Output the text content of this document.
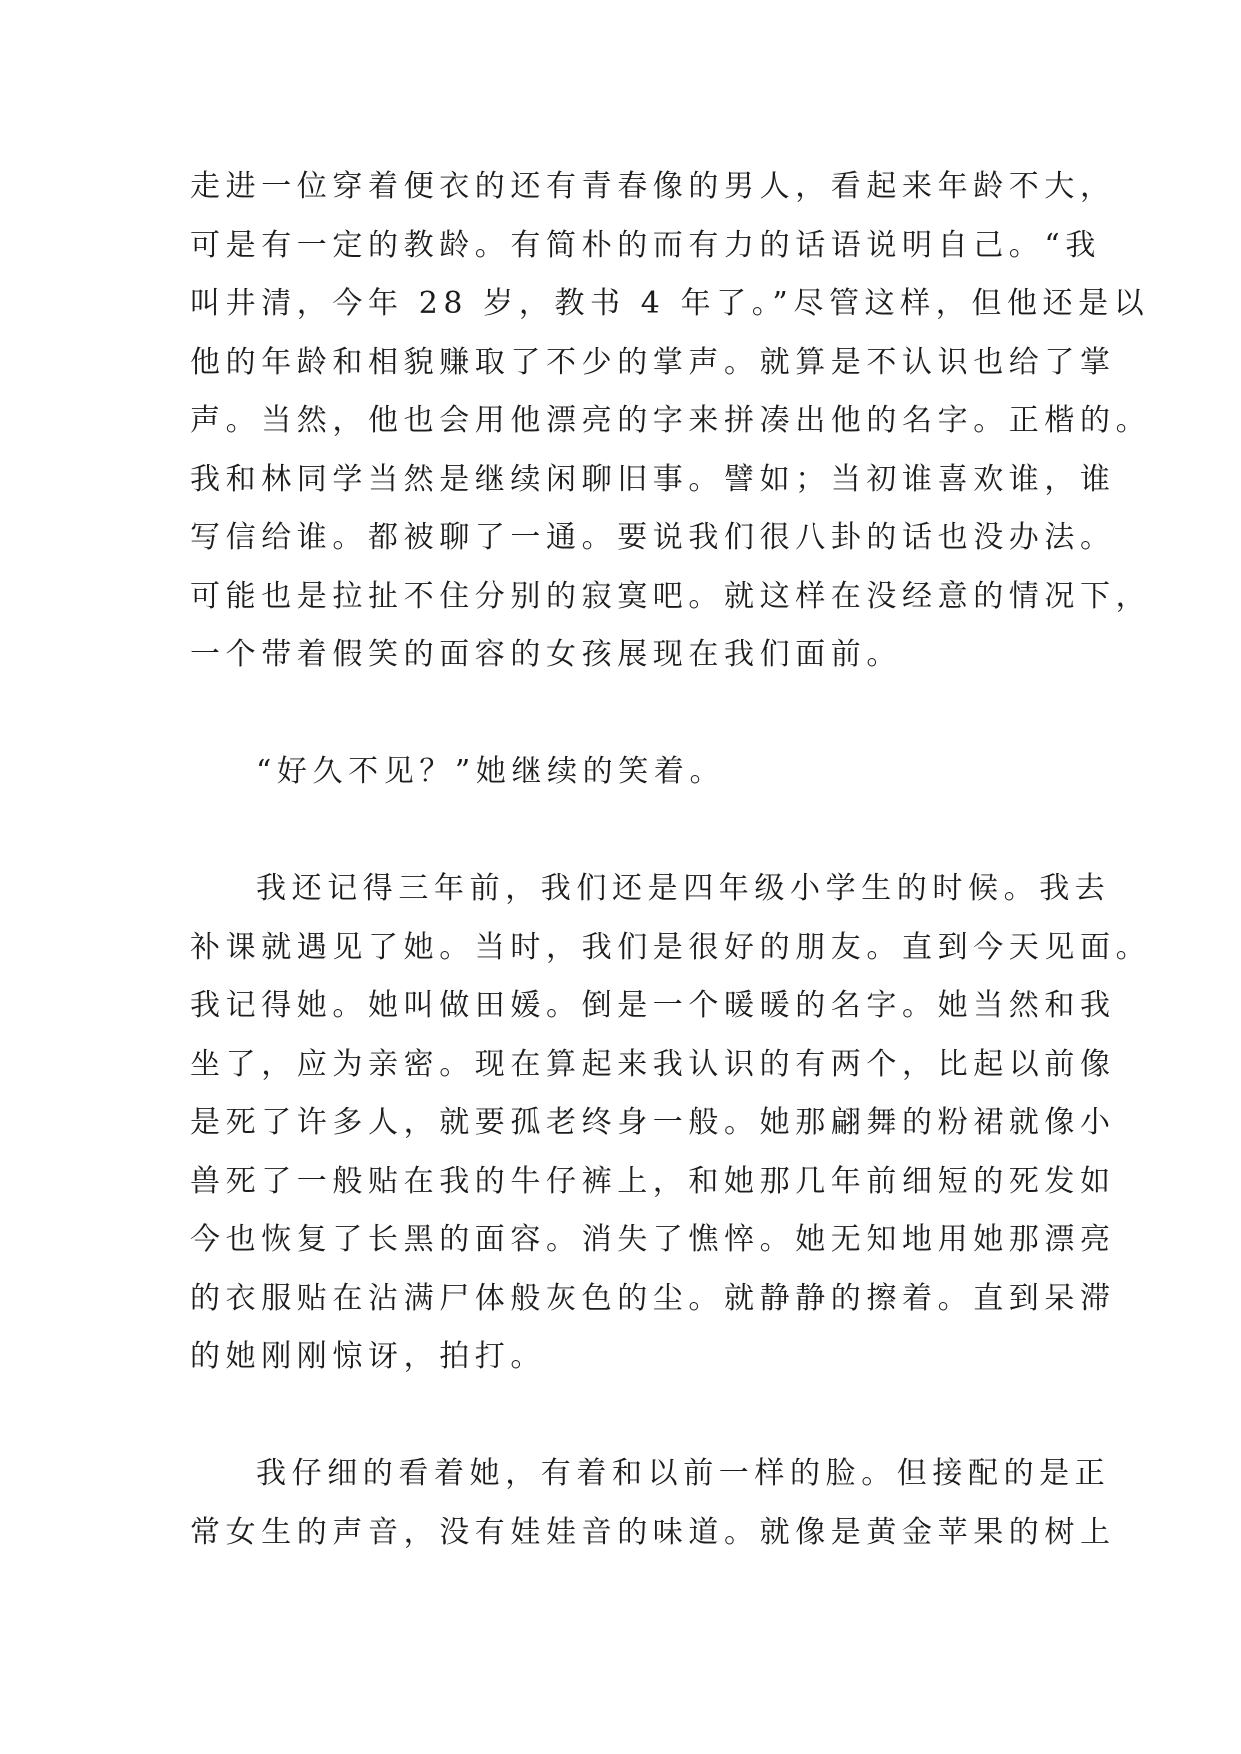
走进一位穿着便衣的还有青春像的男人，看起来年龄不大，
可是有一定的教龄。有简朴的而有力的话语说明自己。“我
叫井清，今年 28 岁，教书 4 年了。”尽管这样，但他还是以
他的年龄和相貌赚取了不少的掌声。就算是不认识也给了掌
声。当然，他也会用他漂亮的字来拼凑出他的名字。正楷的。
我和林同学当然是继续闲聊旧事。譬如；当初谁喜欢谁，谁
写信给谁。都被聊了一通。要说我们很八卦的话也没办法。
可能也是拉扯不住分别的寂寞吧。就这样在没经意的情况下，
一个带着假笑的面容的女孩展现在我们面前。

“好久不见？”她继续的笑着。

我还记得三年前，我们还是四年级小学生的时候。我去
补课就遇见了她。当时，我们是很好的朋友。直到今天见面。
我记得她。她叫做田媛。倒是一个暖暖的名字。她当然和我
坐了，应为亲密。现在算起来我认识的有两个，比起以前像
是死了许多人，就要孤老终身一般。她那翩舞的粉裙就像小
兽死了一般贴在我的牛仔裤上，和她那几年前细短的死发如
今也恢复了长黑的面容。消失了憔悴。她无知地用她那漂亮
的衣服贴在沾满尸体般灰色的尘。就静静的擦着。直到呆滞
的她刚刚惊讶，拍打。

我仔细的看着她，有着和以前一样的脸。但接配的是正
常女生的声音，没有娃娃音的味道。就像是黄金苹果的树上
